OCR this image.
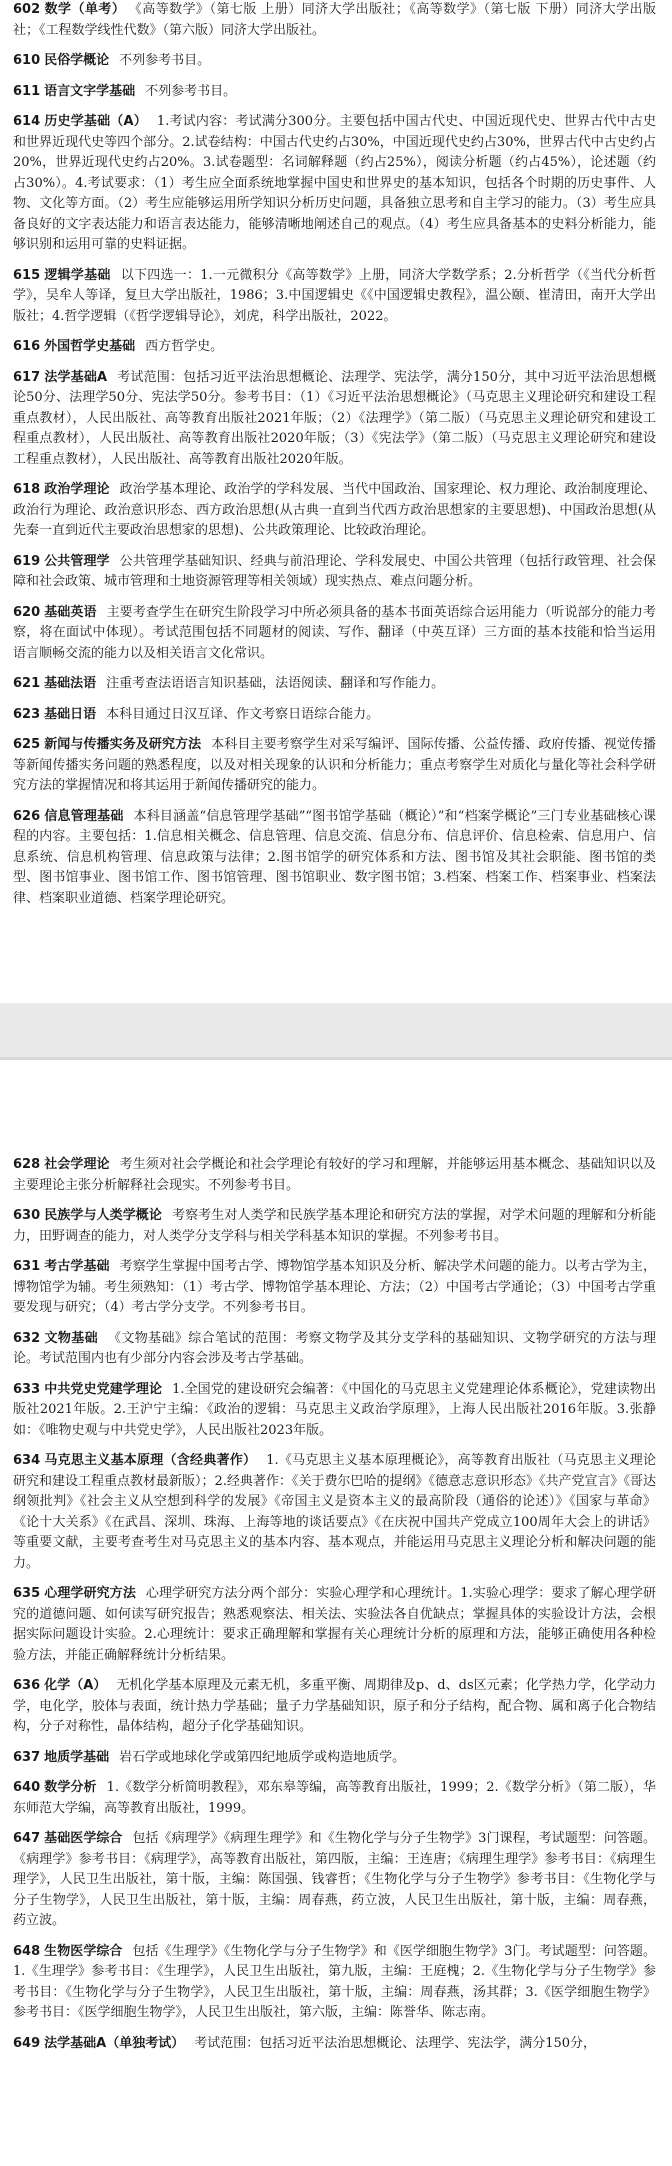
602 数学（单考） 《高等数学》（第七版 上册）同济大学出版社；《高等数学》（第七版 下册）同济大学出版社；《工程数学线性代数》（第六版）同济大学出版社。

610 民俗学概论 不列参考书目。

611 语言文字学基础 不列参考书目。

614 历史学基础（A） 1.考试内容：考试满分300分。主要包括中国古代史、中国近现代史、世界古代中古史和世界近现代史等四个部分。2.试卷结构：中国古代史约占30%，中国近现代史约占30%，世界古代中古史约占20%，世界近现代史约占20%。3.试卷题型：名词解释题（约占25%），阅读分析题（约占45%），论述题（约占30%）。4.考试要求：（1）考生应全面系统地掌握中国史和世界史的基本知识，包括各个时期的历史事件、人物、文化等方面。（2）考生应能够运用所学知识分析历史问题，具备独立思考和自主学习的能力。（3）考生应具备良好的文字表达能力和语言表达能力，能够清晰地阐述自己的观点。（4）考生应具备基本的史料分析能力，能够识别和运用可靠的史料证据。

615 逻辑学基础 以下四选一：1.一元微积分《高等数学》上册，同济大学数学系；2.分析哲学（《当代分析哲学》，吴牟人等译，复旦大学出版社，1986；3.中国逻辑史《《中国逻辑史教程》，温公颐、崔清田，南开大学出版社；4.哲学逻辑（《哲学逻辑导论》，刘虎，科学出版社，2022。

616 外国哲学史基础 西方哲学史。

617 法学基础A 考试范围：包括习近平法治思想概论、法理学、宪法学，满分150分，其中习近平法治思想概论50分、法理学50分、宪法学50分。参考书目：（1）《习近平法治思想概论》（马克思主义理论研究和建设工程重点教材），人民出版社、高等教育出版社2021年版；（2）《法理学》（第二版）（马克思主义理论研究和建设工程重点教材），人民出版社、高等教育出版社2020年版；（3）《宪法学》（第二版）（马克思主义理论研究和建设工程重点教材），人民出版社、高等教育出版社2020年版。

618 政治学理论 政治学基本理论、政治学的学科发展、当代中国政治、国家理论、权力理论、政治制度理论、政治行为理论、政治意识形态、西方政治思想(从古典一直到当代西方政治思想家的主要思想)、中国政治思想(从先秦一直到近代主要政治思想家的思想)、公共政策理论、比较政治理论。

619 公共管理学 公共管理学基础知识、经典与前沿理论、学科发展史、中国公共管理（包括行政管理、社会保障和社会政策、城市管理和土地资源管理等相关领域）现实热点、难点问题分析。

620 基础英语 主要考查学生在研究生阶段学习中所必须具备的基本书面英语综合运用能力（听说部分的能力考察，将在面试中体现）。考试范围包括不同题材的阅读、写作、翻译（中英互译）三方面的基本技能和恰当运用语言顺畅交流的能力以及相关语言文化常识。

621 基础法语 注重考查法语语言知识基础，法语阅读、翻译和写作能力。

623 基础日语 本科目通过日汉互译、作文考察日语综合能力。

625 新闻与传播实务及研究方法 本科目主要考察学生对采写编评、国际传播、公益传播、政府传播、视觉传播等新闻传播实务问题的熟悉程度，以及对相关现象的认识和分析能力；重点考察学生对质化与量化等社会科学研究方法的掌握情况和将其运用于新闻传播研究的能力。

626 信息管理基础 本科目涵盖“信息管理学基础”“图书馆学基础（概论）”和“档案学概论”三门专业基础核心课程的内容。主要包括：1.信息相关概念、信息管理、信息交流、信息分布、信息评价、信息检索、信息用户、信息系统、信息机构管理、信息政策与法律；2.图书馆学的研究体系和方法、图书馆及其社会职能、图书馆的类型、图书馆事业、图书馆工作、图书馆管理、图书馆职业、数字图书馆；3.档案、档案工作、档案事业、档案法律、档案职业道德、档案学理论研究。

628 社会学理论 考生须对社会学概论和社会学理论有较好的学习和理解，并能够运用基本概念、基础知识以及主要理论主张分析解释社会现实。不列参考书目。

630 民族学与人类学概论 考察考生对人类学和民族学基本理论和研究方法的掌握，对学术问题的理解和分析能力，田野调查的能力，对人类学分支学科与相关学科基本知识的掌握。不列参考书目。

631 考古学基础 考察学生掌握中国考古学、博物馆学基本知识及分析、解决学术问题的能力。以考古学为主，博物馆学为辅。考生须熟知：（1）考古学、博物馆学基本理论、方法；（2）中国考古学通论；（3）中国考古学重要发现与研究；（4）考古学分支学。不列参考书目。

632 文物基础 《文物基础》综合笔试的范围：考察文物学及其分支学科的基础知识、文物学研究的方法与理论。考试范围内也有少部分内容会涉及考古学基础。

633 中共党史党建学理论 1.全国党的建设研究会编著：《中国化的马克思主义党建理论体系概论》，党建读物出版社2021年版。2.王沪宁主编：《政治的逻辑：马克思主义政治学原理》，上海人民出版社2016年版。3.张静如：《唯物史观与中共党史学》，人民出版社2023年版。

634 马克思主义基本原理（含经典著作） 1.《马克思主义基本原理概论》，高等教育出版社（马克思主义理论研究和建设工程重点教材最新版）；2.经典著作：《关于费尔巴哈的提纲》《德意志意识形态》《共产党宣言》《哥达纲领批判》《社会主义从空想到科学的发展》《帝国主义是资本主义的最高阶段（通俗的论述）》《国家与革命》《论十大关系》《在武昌、深圳、珠海、上海等地的谈话要点》《在庆祝中国共产党成立100周年大会上的讲话》等重要文献，主要考查考生对马克思主义的基本内容、基本观点，并能运用马克思主义理论分析和解决问题的能力。

635 心理学研究方法 心理学研究方法分两个部分：实验心理学和心理统计。1.实验心理学：要求了解心理学研究的道德问题、如何读写研究报告；熟悉观察法、相关法、实验法各自优缺点；掌握具体的实验设计方法，会根据实际问题设计实验。2.心理统计：要求正确理解和掌握有关心理统计分析的原理和方法，能够正确使用各种检验方法，并能正确解释统计分析结果。

636 化学（A） 无机化学基本原理及元素无机，多重平衡、周期律及p、d、ds区元素；化学热力学，化学动力学，电化学，胶体与表面，统计热力学基础；量子力学基础知识，原子和分子结构，配合物、属和离子化合物结构，分子对称性，晶体结构，超分子化学基础知识。

637 地质学基础 岩石学或地球化学或第四纪地质学或构造地质学。

640 数学分析 1.《数学分析简明教程》，邓东皋等编，高等教育出版社，1999；2.《数学分析》（第二版），华东师范大学编，高等教育出版社，1999。

647 基础医学综合 包括《病理学》《病理生理学》和《生物化学与分子生物学》3门课程，考试题型：问答题。《病理学》参考书目：《病理学》，高等教育出版社，第四版，主编：王连唐；《病理生理学》参考书目：《病理生理学》，人民卫生出版社，第十版，主编：陈国强、钱睿哲；《生物化学与分子生物学》参考书目：《生物化学与分子生物学》，人民卫生出版社，第十版，主编：周春燕，药立波，人民卫生出版社，第十版，主编：周春燕，药立波。

648 生物医学综合 包括《生理学》《生物化学与分子生物学》和《医学细胞生物学》3门。考试题型：问答题。1.《生理学》参考书目：《生理学》，人民卫生出版社，第九版，主编：王庭槐；2.《生物化学与分子生物学》参考书目：《生物化学与分子生物学》，人民卫生出版社，第十版，主编：周春燕，汤其群；3.《医学细胞生物学》参考书目：《医学细胞生物学》，人民卫生出版社，第六版，主编：陈誉华、陈志南。

649 法学基础A（单独考试） 考试范围：包括习近平法治思想概论、法理学、宪法学，满分150分，
